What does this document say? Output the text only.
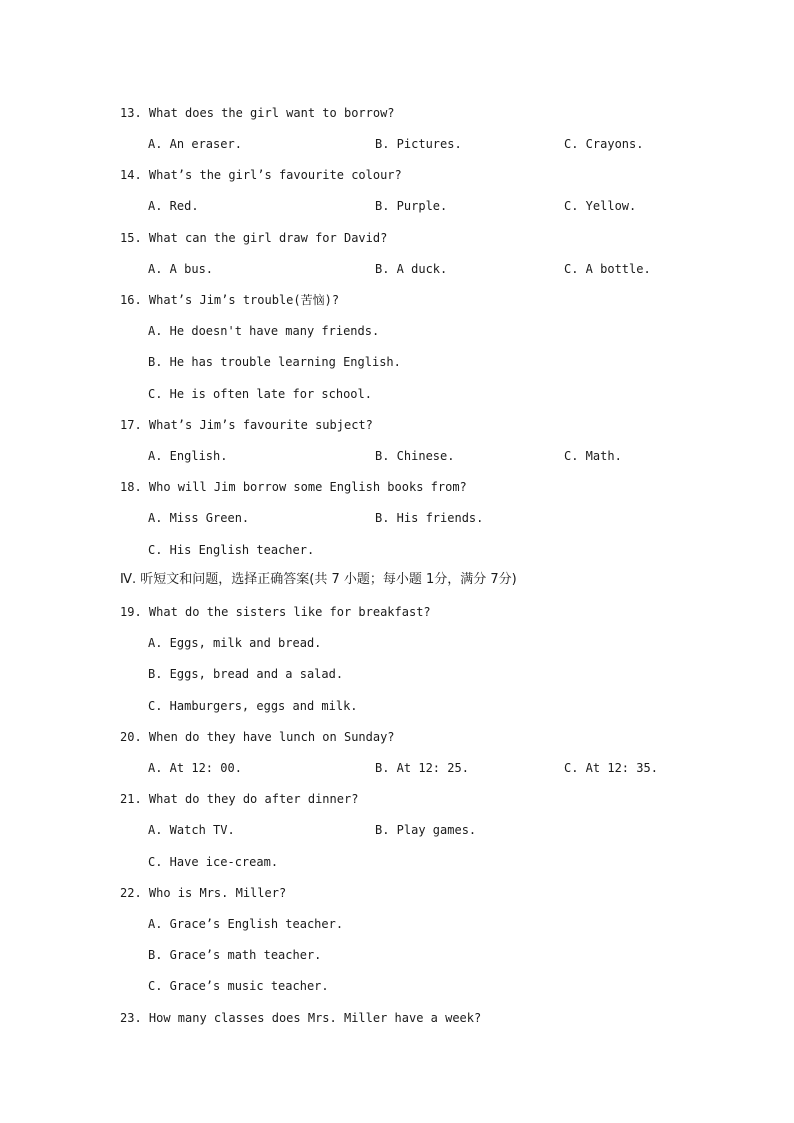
13. What does the girl want to borrow?
A. An eraser.	B. Pictures.	C. Crayons.
14. What’s the girl’s favourite colour?
A. Red.	B. Purple.	C. Yellow.
15. What can the girl draw for David?
A. A bus.	B. A duck.	C. A bottle.
16. What’s Jim’s trouble(苦恼)?
A. He doesn't have many friends.
B. He has trouble learning English.
C. He is often late for school.
17. What’s Jim’s favourite subject?
A. English.	B. Chinese.	C. Math.
18. Who will Jim borrow some English books from?
A. Miss Green.	B. His friends.
C. His English teacher.
Ⅳ. 听短文和问题，选择正确答案(共 7 小题；每小题 1分，满分 7分)
19. What do the sisters like for breakfast?
A. Eggs, milk and bread.
B. Eggs, bread and a salad.
C. Hamburgers, eggs and milk.
20. When do they have lunch on Sunday?
A. At 12: 00.	B. At 12: 25.	C. At 12: 35.
21. What do they do after dinner?
A. Watch TV.	B. Play games.
C. Have ice-cream.
22. Who is Mrs. Miller?
A. Grace’s English teacher.
B. Grace’s math teacher.
C. Grace’s music teacher.
23. How many classes does Mrs. Miller have a week?
